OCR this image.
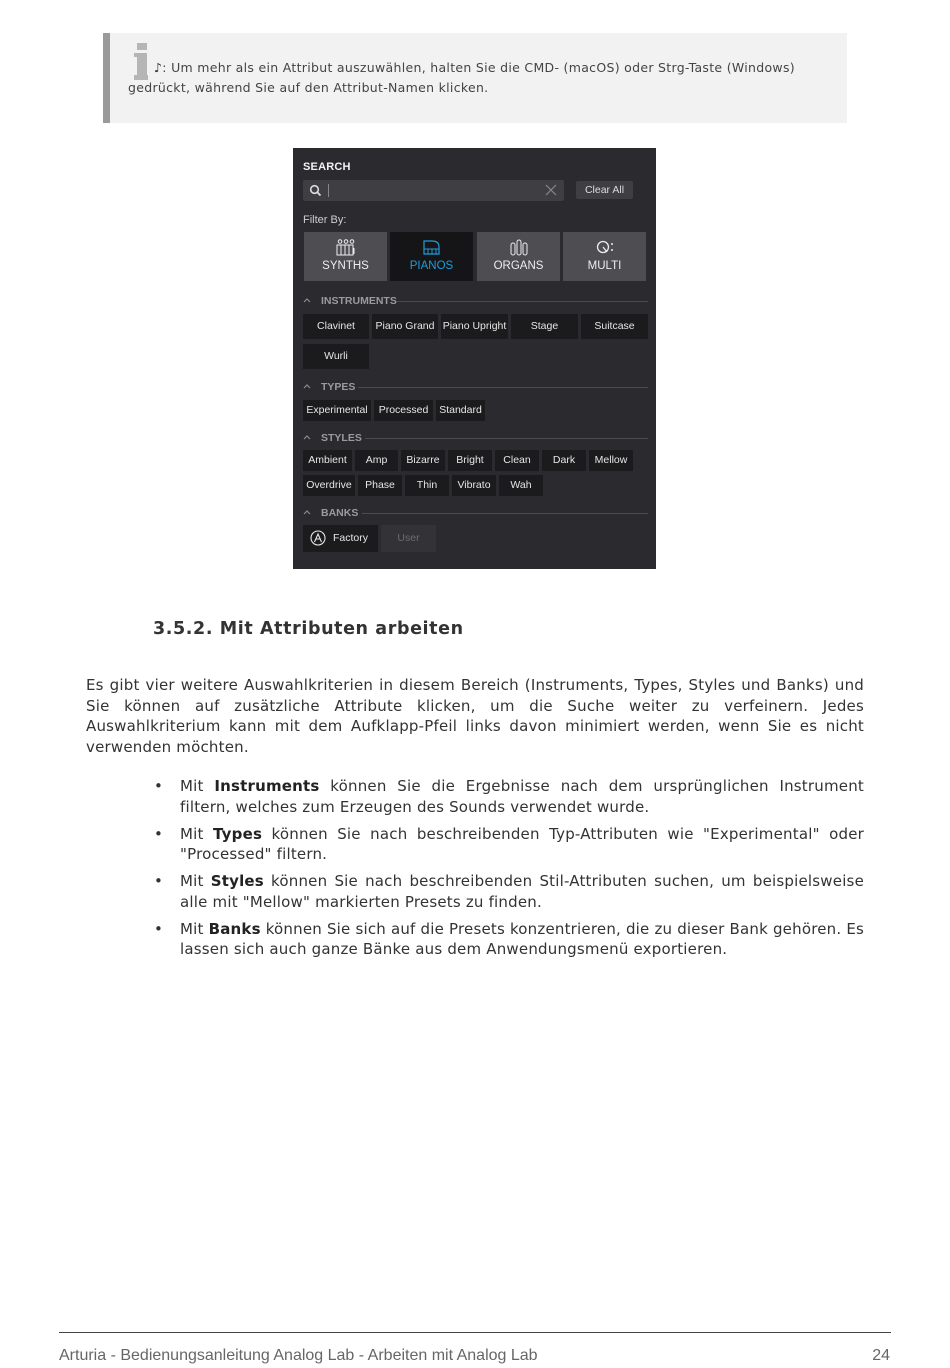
♪: Um mehr als ein Attribut auszuwählen, halten Sie die CMD- (macOS) oder Strg-Taste (Windows)
gedrückt, während Sie auf den Attribut-Namen klicken.
SEARCH
Clear All
Filter By:
SYNTHS	PIANOS	ORGANS	MULTI
INSTRUMENTS
Clavinet	Piano Grand Piano Upright	Stage	Suitcase
Wurli
TYPES
Experimental	Processed	Standard
STYLES
Ambient	Amp	Bizarre	Bright	Clean	Dark	Mellow
Overdrive	Phase	Thin	Vibrato	Wah
BANKS
Factory	User
3.5.2. Mit Attributen arbeiten
Es gibt vier weitere Auswahlkriterien in diesem Bereich (Instruments, Types, Styles und Banks) und Sie können auf zusätzliche Attribute klicken, um die Suche weiter zu verfeinern. Jedes Auswahlkriterium kann mit dem Aufklapp-Pfeil links davon minimiert werden, wenn Sie es nicht verwenden möchten.
• Mit Instruments können Sie die Ergebnisse nach dem ursprünglichen Instrument filtern, welches zum Erzeugen des Sounds verwendet wurde.
• Mit Types können Sie nach beschreibenden Typ-Attributen wie "Experimental" oder "Processed" filtern.
• Mit Styles können Sie nach beschreibenden Stil-Attributen suchen, um beispielsweise alle mit "Mellow" markierten Presets zu finden.
• Mit Banks können Sie sich auf die Presets konzentrieren, die zu dieser Bank gehören. Es lassen sich auch ganze Bänke aus dem Anwendungsmenü exportieren.
Arturia - Bedienungsanleitung Analog Lab - Arbeiten mit Analog Lab	24
